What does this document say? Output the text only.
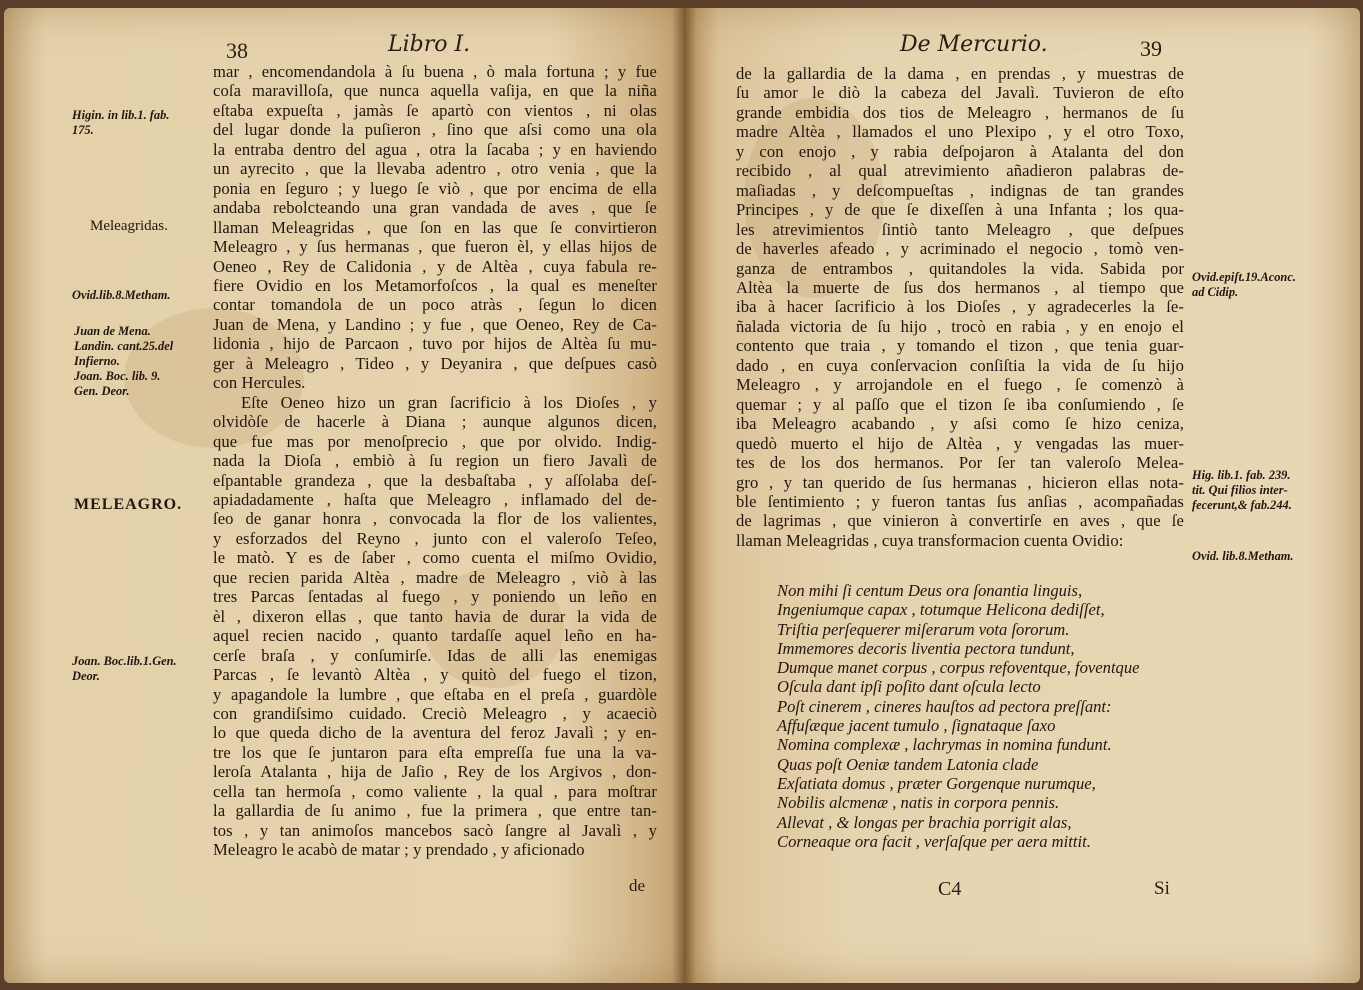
38	Libro I.
Higin. in lib.1. fab.
175.
Meleagridas.
Ovid.lib.8.Metham.
Juan de Mena.
Landin. cant.25.del
Infierno.
Joan. Boc. lib. 9.
Gen. Deor.
MELEAGRO.
Joan. Boc.lib.1.Gen.
Deor.
mar , encomendandola à ſu buena , ò mala fortuna ; y fue
coſa maravilloſa, que nunca aquella vaſija, en que la niña
eſtaba expueſta , jamàs ſe apartò con vientos , ni olas
del lugar donde la puſieron , ſino que aſsi como una ola
la entraba dentro del agua , otra la ſacaba ; y en haviendo
un ayrecito , que la llevaba adentro , otro venia , que la
ponia en ſeguro ; y luego ſe viò , que por encima de ella
andaba rebolcteando una gran vandada de aves , que ſe
llaman Meleagridas , que ſon en las que ſe convirtieron
Meleagro , y ſus hermanas , que fueron èl, y ellas hijos de
Oeneo , Rey de Calidonia , y de Altèa , cuya fabula re-
fiere Ovidio en los Metamorfoſcos , la qual es meneſter
contar tomandola de un poco atràs , ſegun lo dicen
Juan de Mena, y Landino ; y fue , que Oeneo, Rey de Ca-
lidonia , hijo de Parcaon , tuvo por hijos de Altèa ſu mu-
ger à Meleagro , Tideo , y Deyanira , que deſpues casò
con Hercules.
Eſte Oeneo hizo un gran ſacrificio à los Dioſes , y
olvidòſe de hacerle à Diana ; aunque algunos dicen,
que fue mas por menoſprecio , que por olvido. Indig-
nada la Dioſa , embiò à ſu region un fiero Javalì de
eſpantable grandeza , que la desbaſtaba , y aſſolaba deſ-
apiadadamente , haſta que Meleagro , inflamado del de-
ſeo de ganar honra , convocada la flor de los valientes,
y esforzados del Reyno , junto con el valeroſo Teſeo,
le matò. Y es de ſaber , como cuenta el miſmo Ovidio,
que recien parida Altèa , madre de Meleagro , viò à las
tres Parcas ſentadas al fuego , y poniendo un leño en
èl , dixeron ellas , que tanto havia de durar la vida de
aquel recien nacido , quanto tardaſſe aquel leño en ha-
cerſe braſa , y conſumirſe. Idas de alli las enemigas
Parcas , ſe levantò Altèa , y quitò del fuego el tizon,
y apagandole la lumbre , que eſtaba en el preſa , guardòle
con grandiſsimo cuidado. Creciò Meleagro , y acaeciò
lo que queda dicho de la aventura del feroz Javalì ; y en-
tre los que ſe juntaron para eſta empreſſa fue una la va-
leroſa Atalanta , hija de Jaſio , Rey de los Argivos , don-
cella tan hermoſa , como valiente , la qual , para moſtrar
la gallardia de ſu animo , fue la primera , que entre tan-
tos , y tan animoſos mancebos sacò ſangre al Javalì , y
Meleagro le acabò de matar ; y prendado , y aficionado
de
De Mercurio.	39
de la gallardia de la dama , en prendas , y muestras de
ſu amor le diò la cabeza del Javalì. Tuvieron de eſto
grande embidia dos tios de Meleagro , hermanos de ſu
madre Altèa , llamados el uno Plexipo , y el otro Toxo,
y con enojo , y rabia deſpojaron à Atalanta del don
recibido , al qual atrevimiento añadieron palabras de-
maſiadas , y deſcompueſtas , indignas de tan grandes
Principes , y de que ſe dixeſſen à una Infanta ; los qua-
les atrevimientos ſintiò tanto Meleagro , que deſpues
de haverles afeado , y acriminado el negocio , tomò ven-
ganza de entrambos , quitandoles la vida. Sabida por
Altèa la muerte de ſus dos hermanos , al tiempo que
iba à hacer ſacrificio à los Dioſes , y agradecerles la ſe-
ñalada victoria de ſu hijo , trocò en rabia , y en enojo el
contento que traia , y tomando el tizon , que tenia guar-
dado , en cuya conſervacion conſiſtia la vida de ſu hijo
Meleagro , y arrojandole en el fuego , ſe comenzò à
quemar ; y al paſſo que el tizon ſe iba conſumiendo , ſe
iba Meleagro acabando , y aſsi como ſe hizo ceniza,
quedò muerto el hijo de Altèa , y vengadas las muer-
tes de los dos hermanos. Por ſer tan valeroſo Melea-
gro , y tan querido de ſus hermanas , hicieron ellas nota-
ble ſentimiento ; y fueron tantas ſus anſias , acompañadas
de lagrimas , que vinieron à convertirſe en aves , que ſe
llaman Meleagridas , cuya transformacion cuenta Ovidio:
Non mihi ſi centum Deus ora ſonantia linguis,
Ingeniumque capax , totumque Helicona dediſſet,
Triſtia perſequerer miſerarum vota ſororum.
Immemores decoris liventia pectora tundunt,
Dumque manet corpus , corpus refoventque, foventque
Oſcula dant ipſi poſito dant oſcula lecto
Poſt cinerem , cineres hauſtos ad pectora preſſant:
Affuſæque jacent tumulo , ſignataque ſaxo
Nomina complexæ , lachrymas in nomina fundunt.
Quas poſt Oeniæ tandem Latonia clade
Exſatiata domus , præter Gorgenque nurumque,
Nobilis alcmenæ , natis in corpora pennis.
Allevat , & longas per brachia porrigit alas,
Corneaque ora facit , verſaſque per aera mittit.
Ovid.epiſt.19.Aconc.
ad Cidip.
Hig. lib.1. fab. 239.
tit. Qui filios inter-
fecerunt,& fab.244.
Ovid. lib.8.Metham.
C4	Si
